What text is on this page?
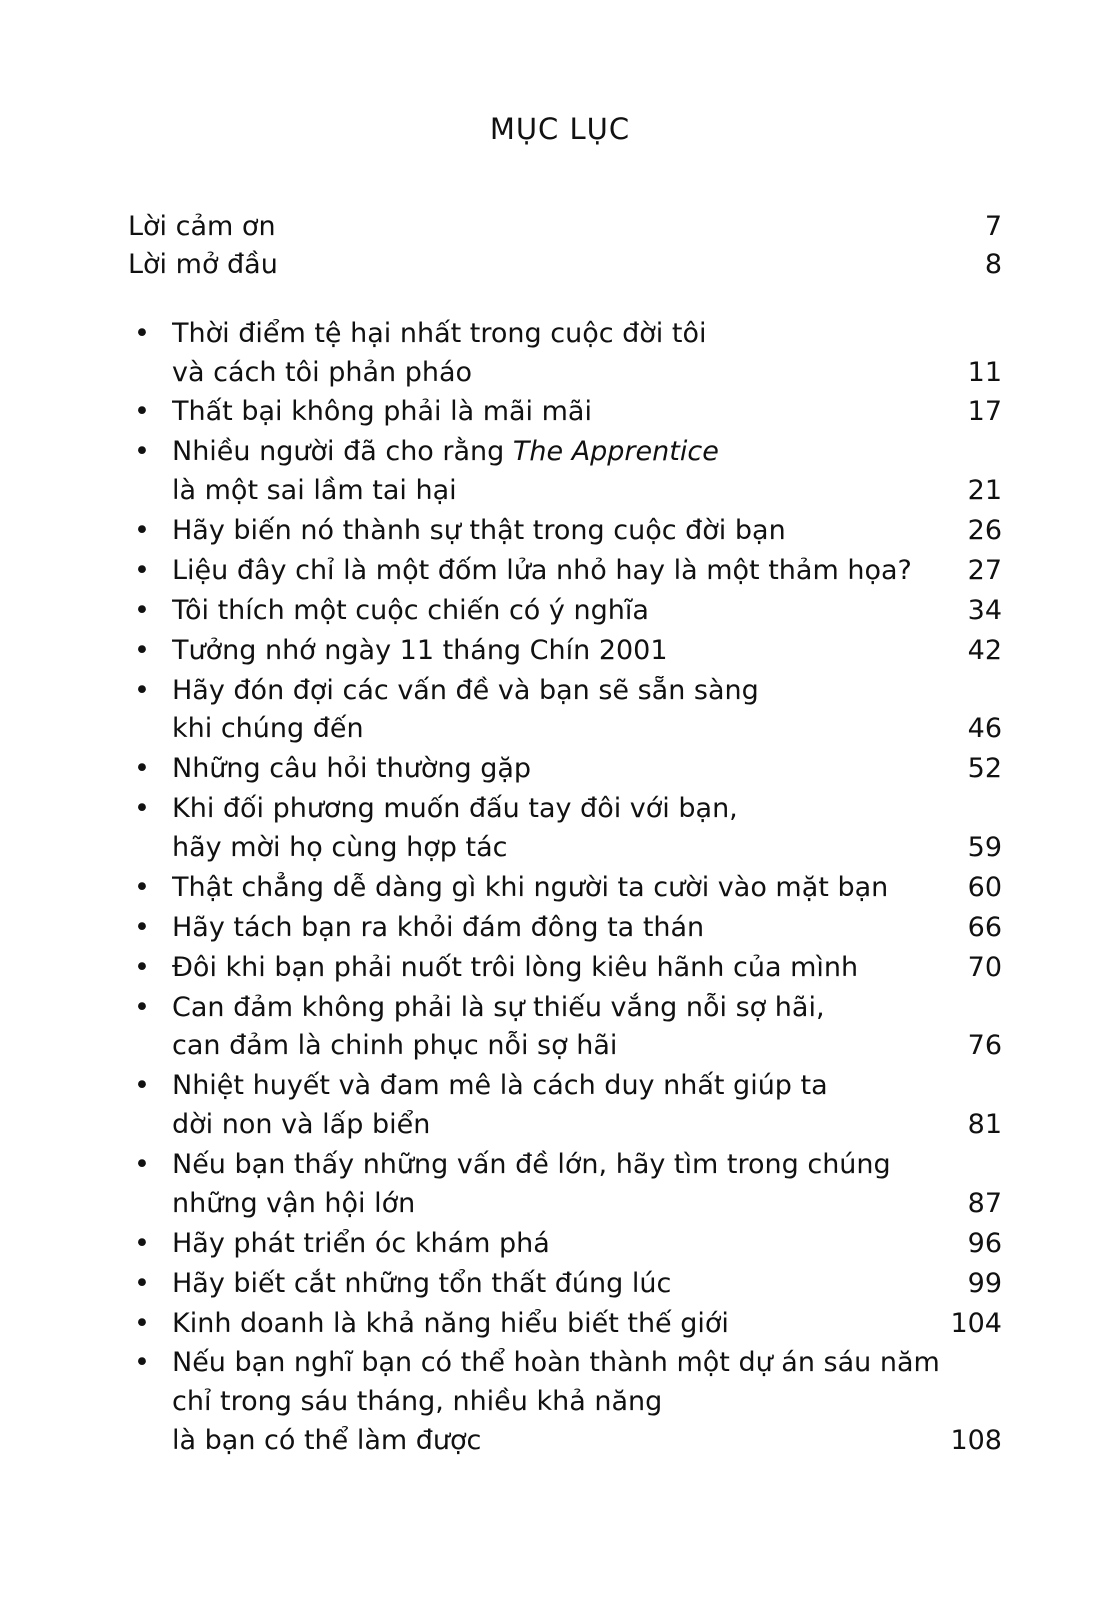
MỤC LỤC
Lời cảm ơn	7
Lời mở đầu	8
• Thời điểm tệ hại nhất trong cuộc đời tôi
và cách tôi phản pháo	11
• Thất bại không phải là mãi mãi	17
• Nhiều người đã cho rằng The Apprentice
là một sai lầm tai hại	21
• Hãy biến nó thành sự thật trong cuộc đời bạn	26
• Liệu đây chỉ là một đốm lửa nhỏ hay là một thảm họa?	27
• Tôi thích một cuộc chiến có ý nghĩa	34
• Tưởng nhớ ngày 11 tháng Chín 2001	42
• Hãy đón đợi các vấn đề và bạn sẽ sẵn sàng
khi chúng đến	46
• Những câu hỏi thường gặp	52
• Khi đối phương muốn đấu tay đôi với bạn,
hãy mời họ cùng hợp tác	59
• Thật chẳng dễ dàng gì khi người ta cười vào mặt bạn	60
• Hãy tách bạn ra khỏi đám đông ta thán	66
• Đôi khi bạn phải nuốt trôi lòng kiêu hãnh của mình	70
• Can đảm không phải là sự thiếu vắng nỗi sợ hãi,
can đảm là chinh phục nỗi sợ hãi	76
• Nhiệt huyết và đam mê là cách duy nhất giúp ta
dời non và lấp biển	81
• Nếu bạn thấy những vấn đề lớn, hãy tìm trong chúng
những vận hội lớn	87
• Hãy phát triển óc khám phá	96
• Hãy biết cắt những tổn thất đúng lúc	99
• Kinh doanh là khả năng hiểu biết thế giới	104
• Nếu bạn nghĩ bạn có thể hoàn thành một dự án sáu năm
chỉ trong sáu tháng, nhiều khả năng
là bạn có thể làm được	108
